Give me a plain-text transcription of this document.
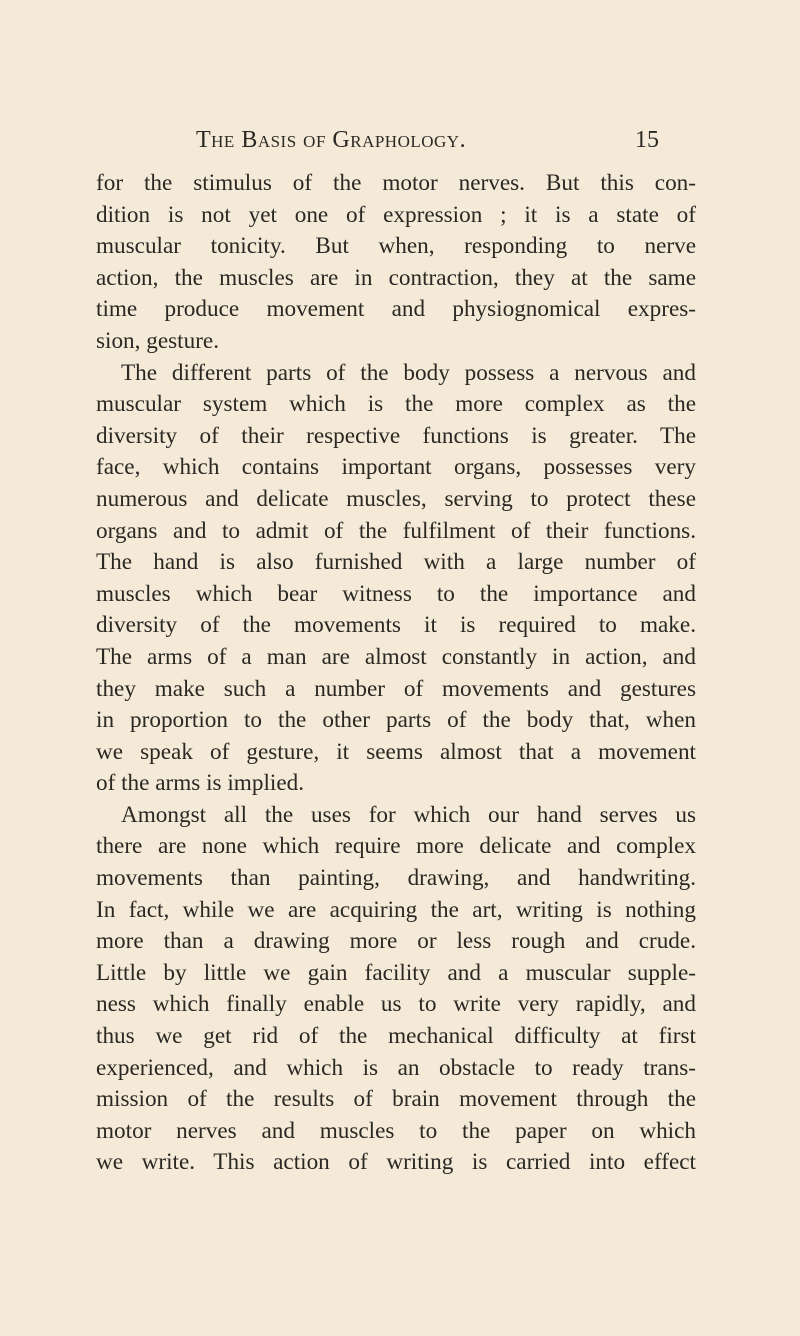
The Basis of Graphology.	15
for the stimulus of the motor nerves. But this con-
dition is not yet one of expression ; it is a state of
muscular tonicity. But when, responding to nerve
action, the muscles are in contraction, they at the same
time produce movement and physiognomical expres-
sion, gesture.
The different parts of the body possess a nervous and
muscular system which is the more complex as the
diversity of their respective functions is greater. The
face, which contains important organs, possesses very
numerous and delicate muscles, serving to protect these
organs and to admit of the fulfilment of their functions.
The hand is also furnished with a large number of
muscles which bear witness to the importance and
diversity of the movements it is required to make.
The arms of a man are almost constantly in action, and
they make such a number of movements and gestures
in proportion to the other parts of the body that, when
we speak of gesture, it seems almost that a movement
of the arms is implied.
Amongst all the uses for which our hand serves us
there are none which require more delicate and complex
movements than painting, drawing, and handwriting.
In fact, while we are acquiring the art, writing is nothing
more than a drawing more or less rough and crude.
Little by little we gain facility and a muscular supple-
ness which finally enable us to write very rapidly, and
thus we get rid of the mechanical difficulty at first
experienced, and which is an obstacle to ready trans-
mission of the results of brain movement through the
motor nerves and muscles to the paper on which
we write. This action of writing is carried into effect
